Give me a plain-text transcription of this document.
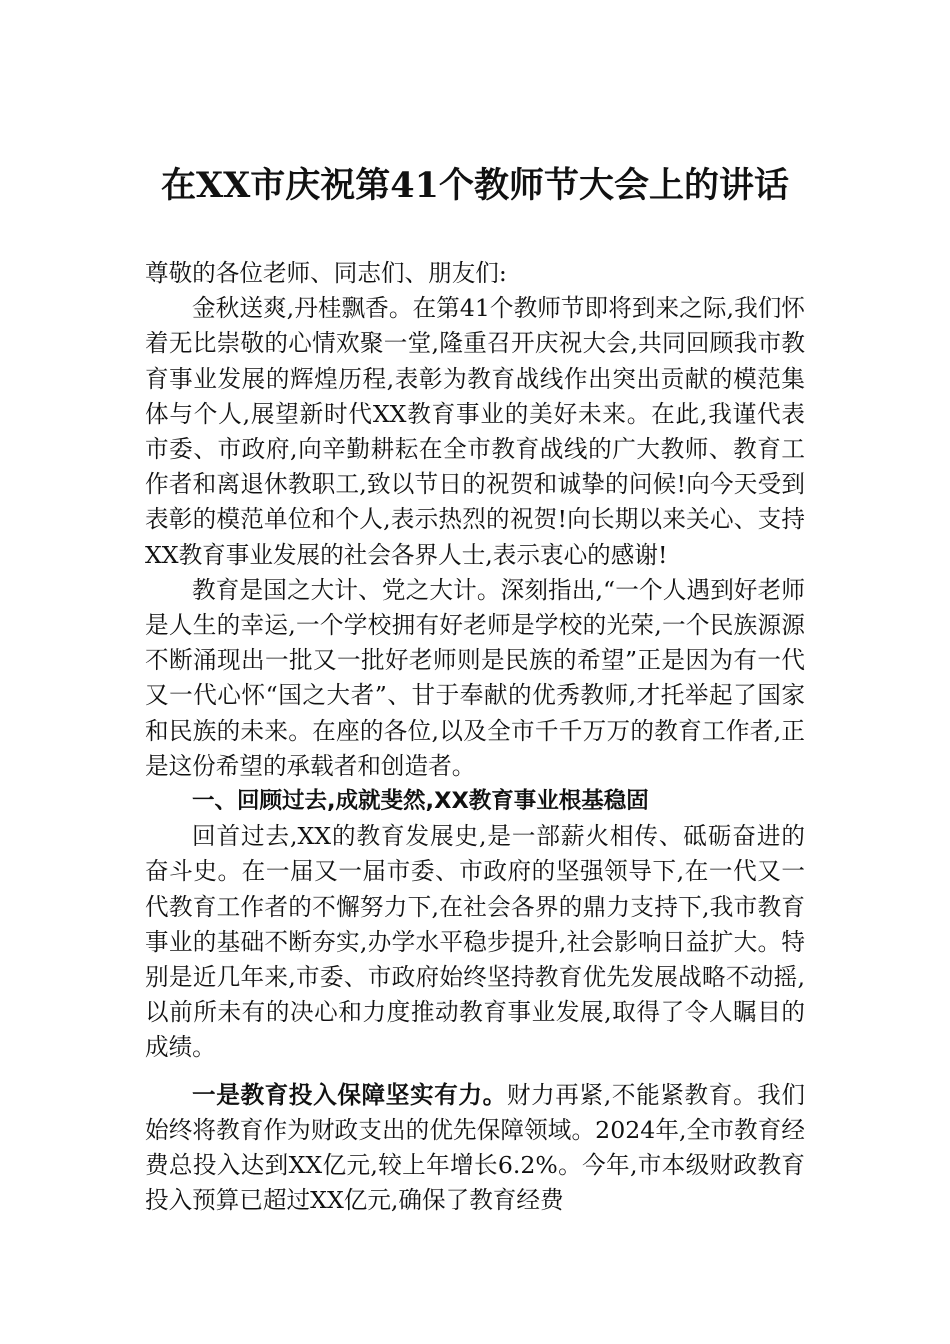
在XX市庆祝第41个教师节大会上的讲话

尊敬的各位老师、同志们、朋友们:

金秋送爽,丹桂飘香。在第41个教师节即将到来之际,我们怀着无比崇敬的心情欢聚一堂,隆重召开庆祝大会,共同回顾我市教育事业发展的辉煌历程,表彰为教育战线作出突出贡献的模范集体与个人,展望新时代XX教育事业的美好未来。在此,我谨代表市委、市政府,向辛勤耕耘在全市教育战线的广大教师、教育工作者和离退休教职工,致以节日的祝贺和诚挚的问候!向今天受到表彰的模范单位和个人,表示热烈的祝贺!向长期以来关心、支持XX教育事业发展的社会各界人士,表示衷心的感谢!

教育是国之大计、党之大计。深刻指出,“一个人遇到好老师是人生的幸运,一个学校拥有好老师是学校的光荣,一个民族源源不断涌现出一批又一批好老师则是民族的希望”正是因为有一代又一代心怀“国之大者”、甘于奉献的优秀教师,才托举起了国家和民族的未来。在座的各位,以及全市千千万万的教育工作者,正是这份希望的承载者和创造者。

一、回顾过去,成就斐然,XX教育事业根基稳固

回首过去,XX的教育发展史,是一部薪火相传、砥砺奋进的奋斗史。在一届又一届市委、市政府的坚强领导下,在一代又一代教育工作者的不懈努力下,在社会各界的鼎力支持下,我市教育事业的基础不断夯实,办学水平稳步提升,社会影响日益扩大。特别是近几年来,市委、市政府始终坚持教育优先发展战略不动摇,以前所未有的决心和力度推动教育事业发展,取得了令人瞩目的成绩。

一是教育投入保障坚实有力。财力再紧,不能紧教育。我们始终将教育作为财政支出的优先保障领域。2024年,全市教育经费总投入达到XX亿元,较上年增长6.2%。今年,市本级财政教育投入预算已超过XX亿元,确保了教育经费
